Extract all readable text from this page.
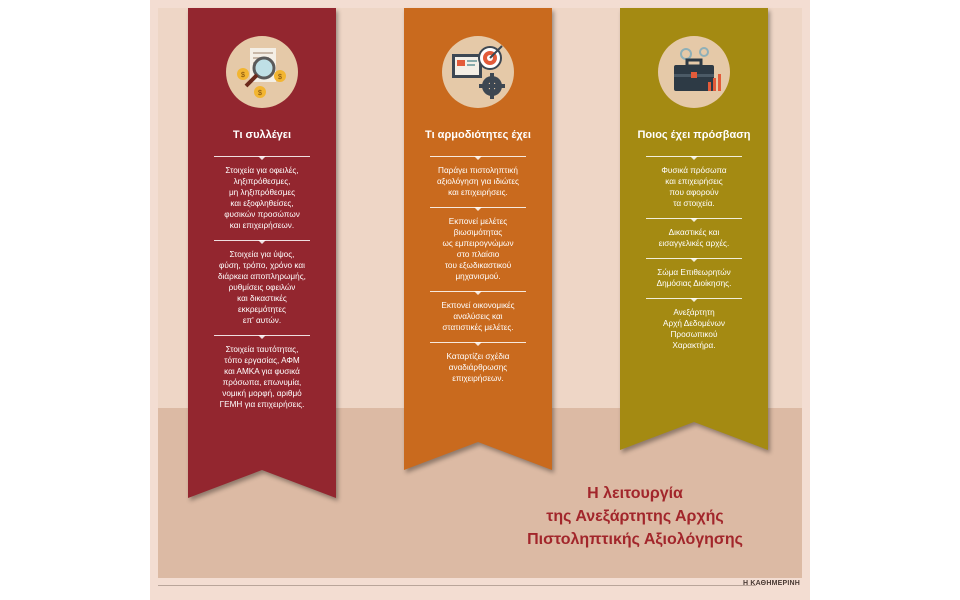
Η ΚΑΘΗΜΕΡΙΝΗ
$	$
$
Τι συλλέγει
Στοιχεία για οφειλές,
ληξιπρόθεσμες,
μη ληξιπρόθεσμες
και εξοφληθείσες,
φυσικών προσώπων
και επιχειρήσεων.
Στοιχεία για ύψος,
φύση, τρόπο, χρόνο και
διάρκεια αποπληρωμής,
ρυθμίσεις οφειλών
και δικαστικές
εκκρεμότητες
επ' αυτών.
Στοιχεία ταυτότητας,
τόπο εργασίας, ΑΦΜ
και ΑΜΚΑ για φυσικά
πρόσωπα, επωνυμία,
νομική μορφή, αριθμό
ΓΕΜΗ για επιχειρήσεις.
Τι αρμοδιότητες έχει
Παράγει πιστοληπτική
αξιολόγηση για ιδιώτες
και επιχειρήσεις.
Εκπονεί μελέτες
βιωσιμότητας
ως εμπειρογνώμων
στο πλαίσιο
του εξωδικαστικού
μηχανισμού.
Εκπονεί οικονομικές
αναλύσεις και
στατιστικές μελέτες.
Καταρτίζει σχέδια
αναδιάρθρωσης
επιχειρήσεων.
Ποιος έχει πρόσβαση
Φυσικά πρόσωπα
και επιχειρήσεις
που αφορούν
τα στοιχεία.
Δικαστικές και
εισαγγελικές αρχές.
Σώμα Επιθεωρητών
Δημόσιας Διοίκησης.
Ανεξάρτητη
Αρχή Δεδομένων
Προσωπικού
Χαρακτήρα.
Η λειτουργία
της Ανεξάρτητης Αρχής
Πιστοληπτικής Αξιολόγησης
